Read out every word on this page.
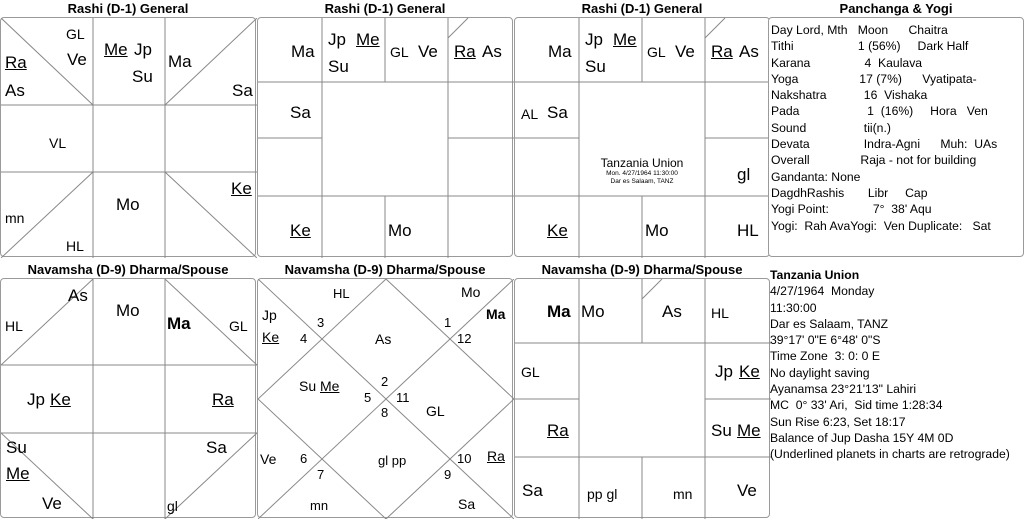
Rashi (D-1) General	Rashi (D-1) General	Rashi (D-1) General	Panchanga & Yogi
Navamsha (D-9) Dharma/Spouse	Navamsha (D-9) Dharma/Spouse	Navamsha (D-9) Dharma/Spouse
GL
Ve
Me Jp
Su
Ma
Ra
As	Sa
VL
Ke
Mo
mn
HL
Ma
Jp Me
Su
GL Ve Ra As
Sa
Ke	Mo
Ma
Jp Me
Su
GL Ve Ra As
AL Sa
Tanzania Union
Mon. 4/27/1964 11:30:00
Dar es Salaam, TANZ	gl
Ke	Mo	HL
Day Lord, Mth   Moon      Chaitra
Tithi                   1 (56%)     Dark Half
Karana                4  Kaulava
Yoga                  17 (7%)      Vyatipata-
Nakshatra           16  Vishaka
Pada                    1  (16%)     Hora   Ven
Sound                 tii(n.)
Devata                Indra-Agni      Muh:  UAs
Overall               Raja - not for building
Gandanta: None
DagdhRashis       Libr     Cap
Yogi Point:             7°  38' Aqu
Yogi:  Rah AvaYogi:  Ven Duplicate:   Sat
As
Mo
Ma
HL	GL
Jp Ke	Ra
Su	Sa
Me
Ve	gl
HL	Mo
Ma
Jp
Ke
3
4
1
12
As
Su Me	2
5 11
8	GL
Ve 6
7
gl pp	10
9
Ra
mn	Sa
Ma Mo	As HL
GL	Jp Ke
Ra	Su Me
Sa	pp gl	mn	Ve
Tanzania Union
4/27/1964  Monday
11:30:00
Dar es Salaam, TANZ
39°17' 0"E 6°48' 0"S
Time Zone  3: 0: 0 E
No daylight saving
Ayanamsa 23°21'13" Lahiri
MC  0° 33' Ari,  Sid time 1:28:34
Sun Rise 6:23, Set 18:17
Balance of Jup Dasha 15Y 4M 0D
(Underlined planets in charts are retrograde)
